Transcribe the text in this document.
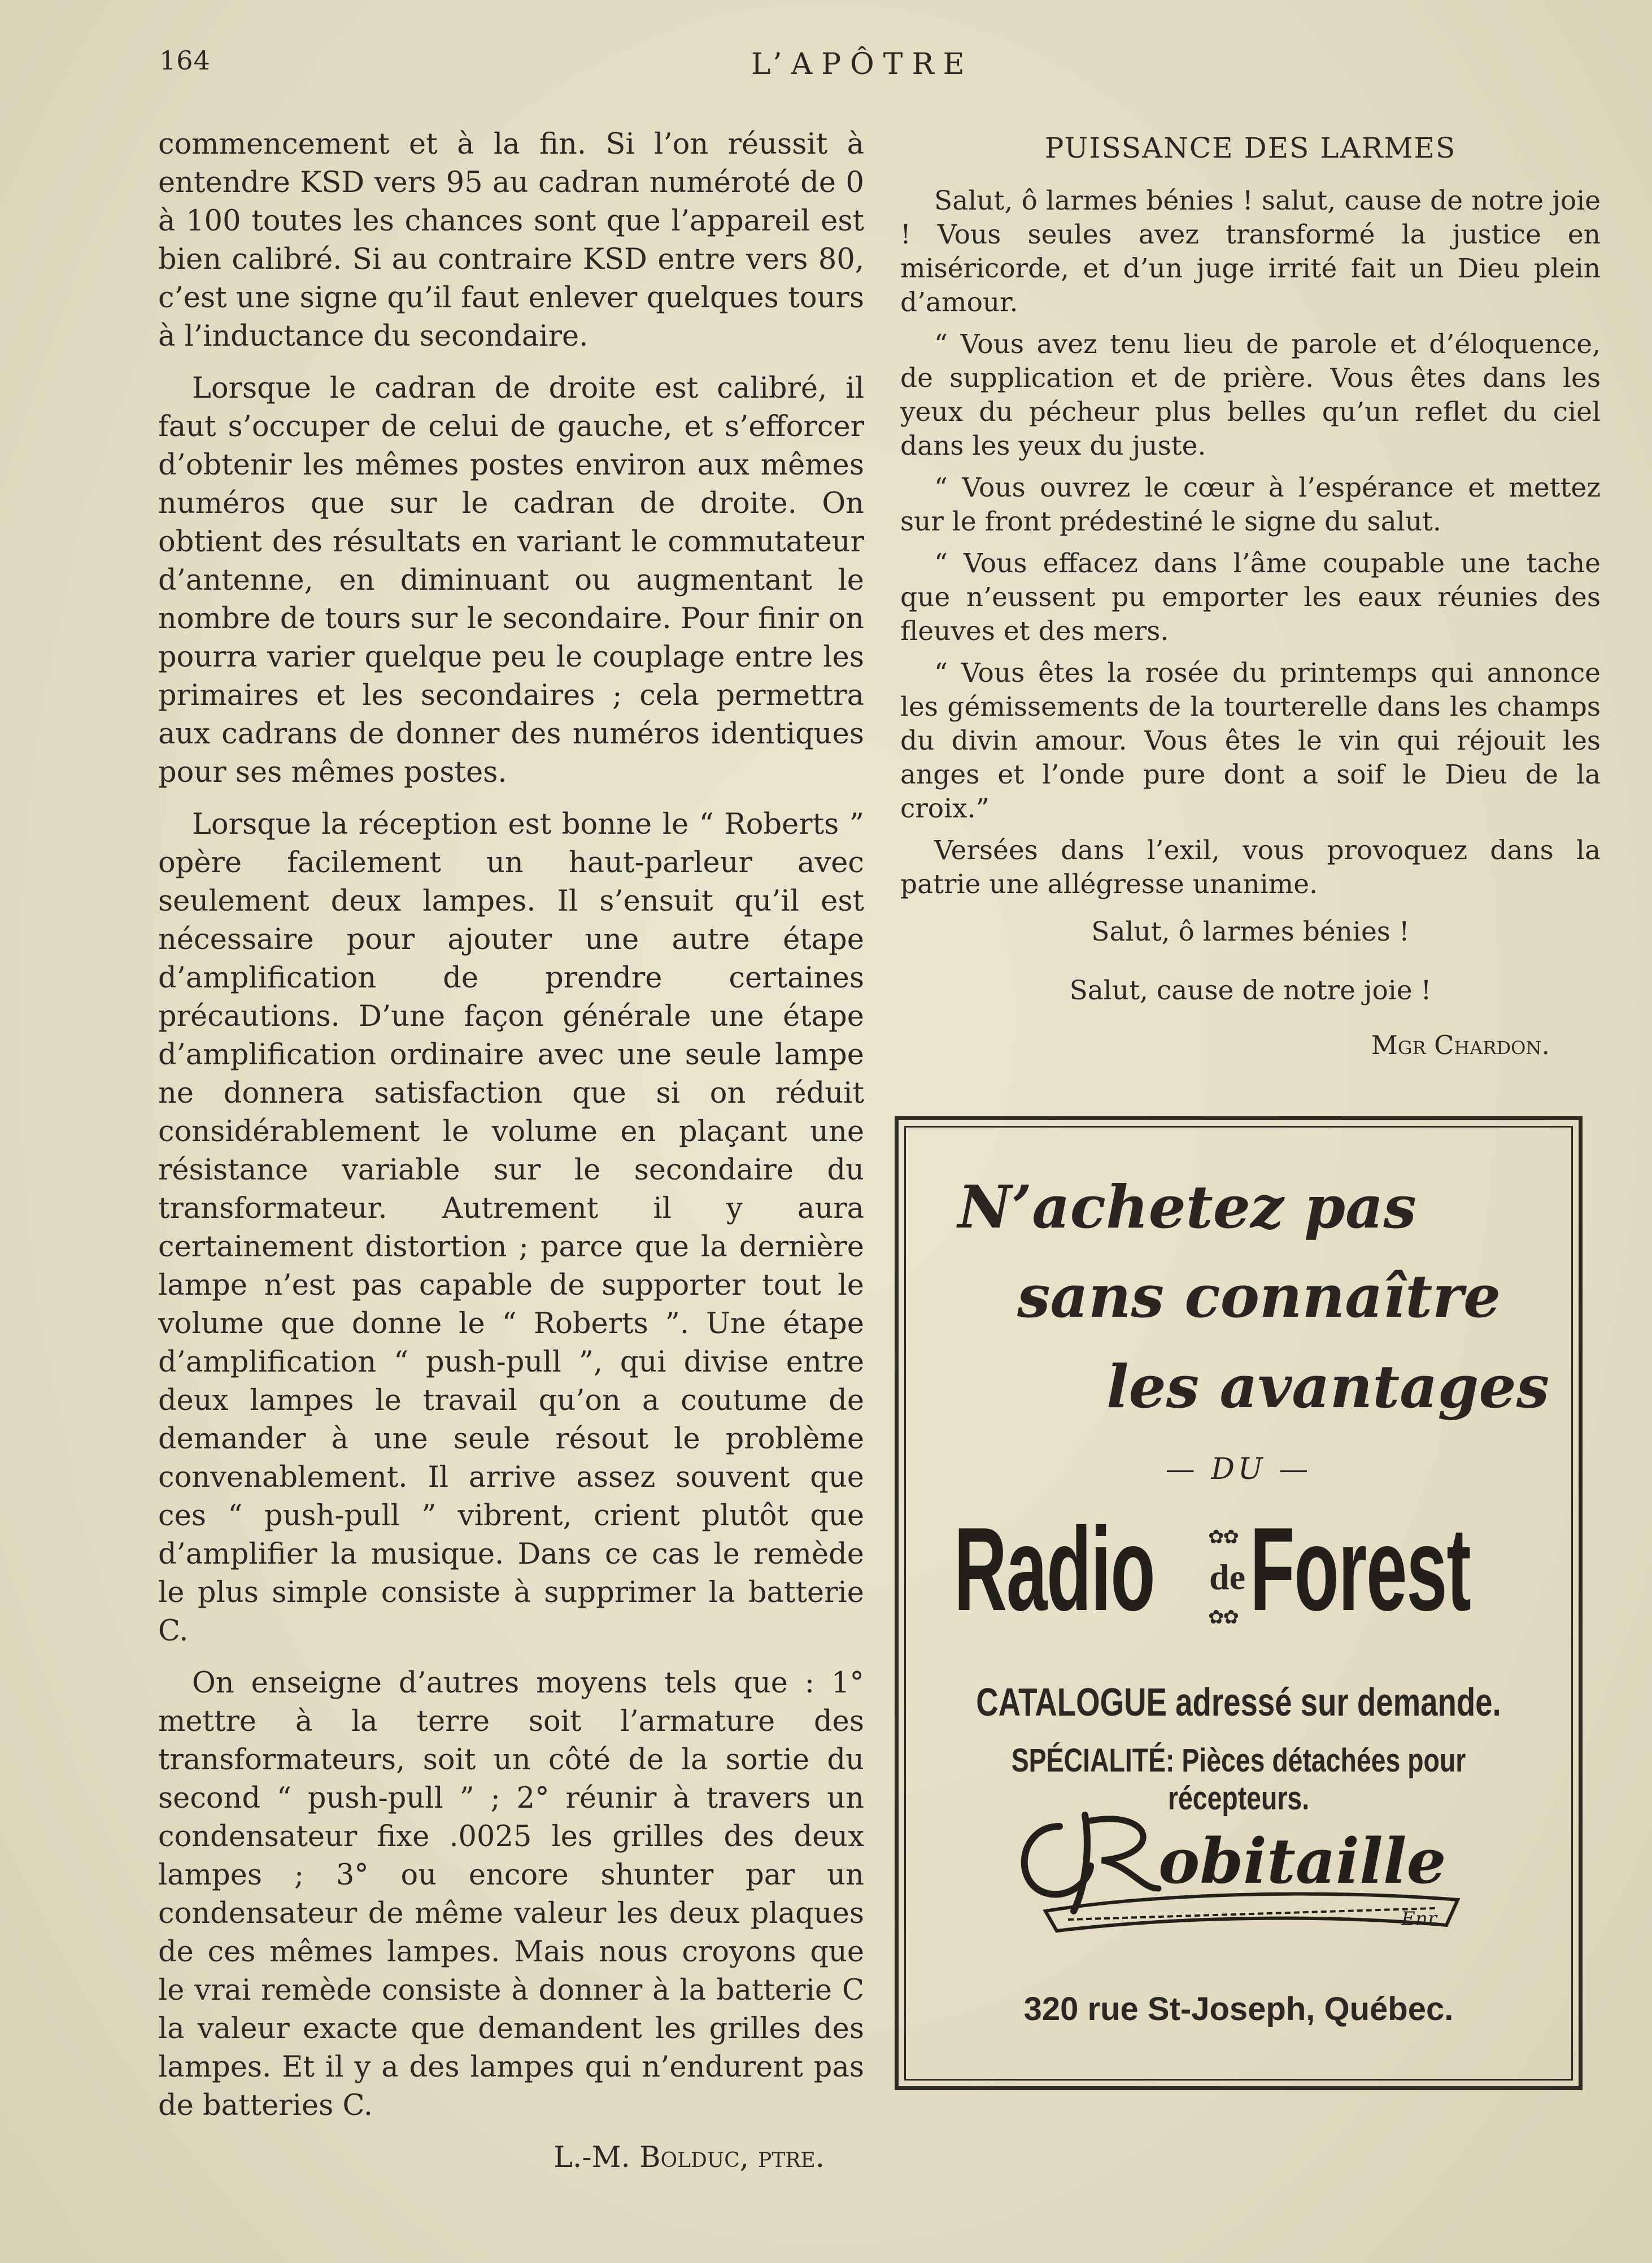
164	L’APÔTRE

commencement et à la fin. Si l’on réussit à entendre KSD vers 95 au cadran numéroté de 0 à 100 toutes les chances sont que l’appareil est bien calibré. Si au contraire KSD entre vers 80, c’est une signe qu’il faut enlever quelques tours à l’inductance du secondaire.

Lorsque le cadran de droite est calibré, il faut s’occuper de celui de gauche, et s’efforcer d’obtenir les mêmes postes environ aux mêmes numéros que sur le cadran de droite. On obtient des résultats en variant le commutateur d’antenne, en diminuant ou augmentant le nombre de tours sur le secondaire. Pour finir on pourra varier quelque peu le couplage entre les primaires et les secondaires ; cela permettra aux cadrans de donner des numéros identiques pour ses mêmes postes.

Lorsque la réception est bonne le “ Roberts ” opère facilement un haut-parleur avec seulement deux lampes. Il s’ensuit qu’il est nécessaire pour ajouter une autre étape d’amplification de prendre certaines précautions. D’une façon générale une étape d’amplification ordinaire avec une seule lampe ne donnera satisfaction que si on réduit considérablement le volume en plaçant une résistance variable sur le secondaire du transformateur. Autrement il y aura certainement distortion ; parce que la dernière lampe n’est pas capable de supporter tout le volume que donne le “ Roberts ”. Une étape d’amplification “ push-pull ”, qui divise entre deux lampes le travail qu’on a coutume de demander à une seule résout le problème convenablement. Il arrive assez souvent que ces “ push-pull ” vibrent, crient plutôt que d’amplifier la musique. Dans ce cas le remède le plus simple consiste à supprimer la batterie C.

On enseigne d’autres moyens tels que : 1° mettre à la terre soit l’armature des transformateurs, soit un côté de la sortie du second “ push-pull ” ; 2° réunir à travers un condensateur fixe .0025 les grilles des deux lampes ; 3° ou encore shunter par un condensateur de même valeur les deux plaques de ces mêmes lampes. Mais nous croyons que le vrai remède consiste à donner à la batterie C la valeur exacte que demandent les grilles des lampes. Et il y a des lampes qui n’endurent pas de batteries C.

L.-M. Bolduc, ptre.

PUISSANCE DES LARMES

Salut, ô larmes bénies ! salut, cause de notre joie ! Vous seules avez transformé la justice en miséricorde, et d’un juge irrité fait un Dieu plein d’amour.

“ Vous avez tenu lieu de parole et d’éloquence, de supplication et de prière. Vous êtes dans les yeux du pécheur plus belles qu’un reflet du ciel dans les yeux du juste.

“ Vous ouvrez le cœur à l’espérance et mettez sur le front prédestiné le signe du salut.

“ Vous effacez dans l’âme coupable une tache que n’eussent pu emporter les eaux réunies des fleuves et des mers.

“ Vous êtes la rosée du printemps qui annonce les gémissements de la tourterelle dans les champs du divin amour. Vous êtes le vin qui réjouit les anges et l’onde pure dont a soif le Dieu de la croix.”

Versées dans l’exil, vous provoquez dans la patrie une allégresse unanime.

Salut, ô larmes bénies !

Salut, cause de notre joie !

Mgr Chardon.

N’achetez pas
sans connaître
les avantages
— DU —
Radio	✿✿
de
✿✿ Forest
CATALOGUE adressé sur demande.
SPÉCIALITÉ: Pièces détachées pour récepteurs.
obitaille
Enr.
320 rue St-Joseph, Québec.
